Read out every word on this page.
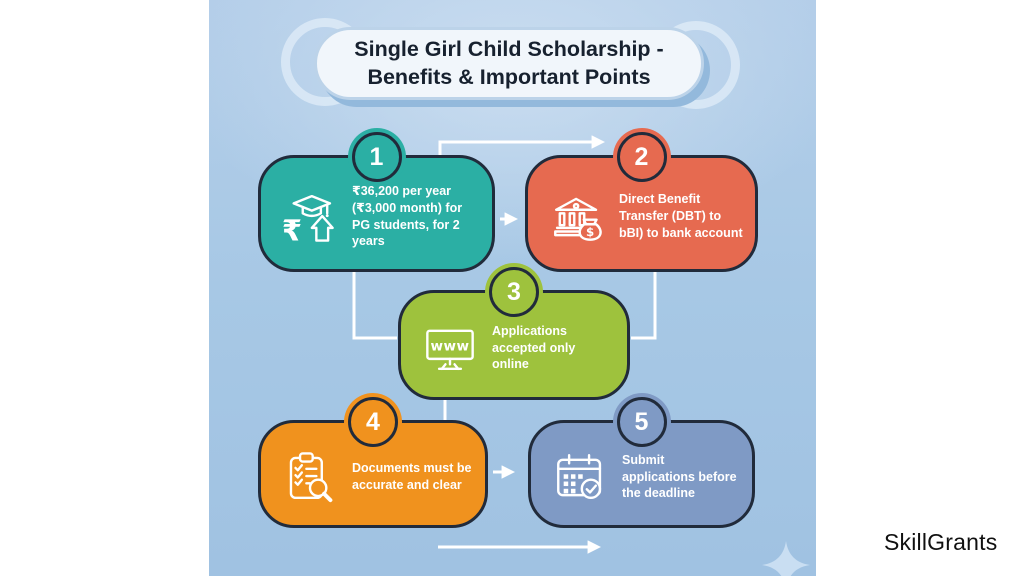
Single Girl Child Scholarship - Benefits & Important Points
1
₹
₹36,200 per year (₹3,000 month) for PG students, for 2 years
2
$
Direct Benefit Transfer (DBT) to bBI) to bank account
3
www
Applications accepted only online
4
Documents must be accurate and clear
5
Submit applications before the deadline
SkillGrants
